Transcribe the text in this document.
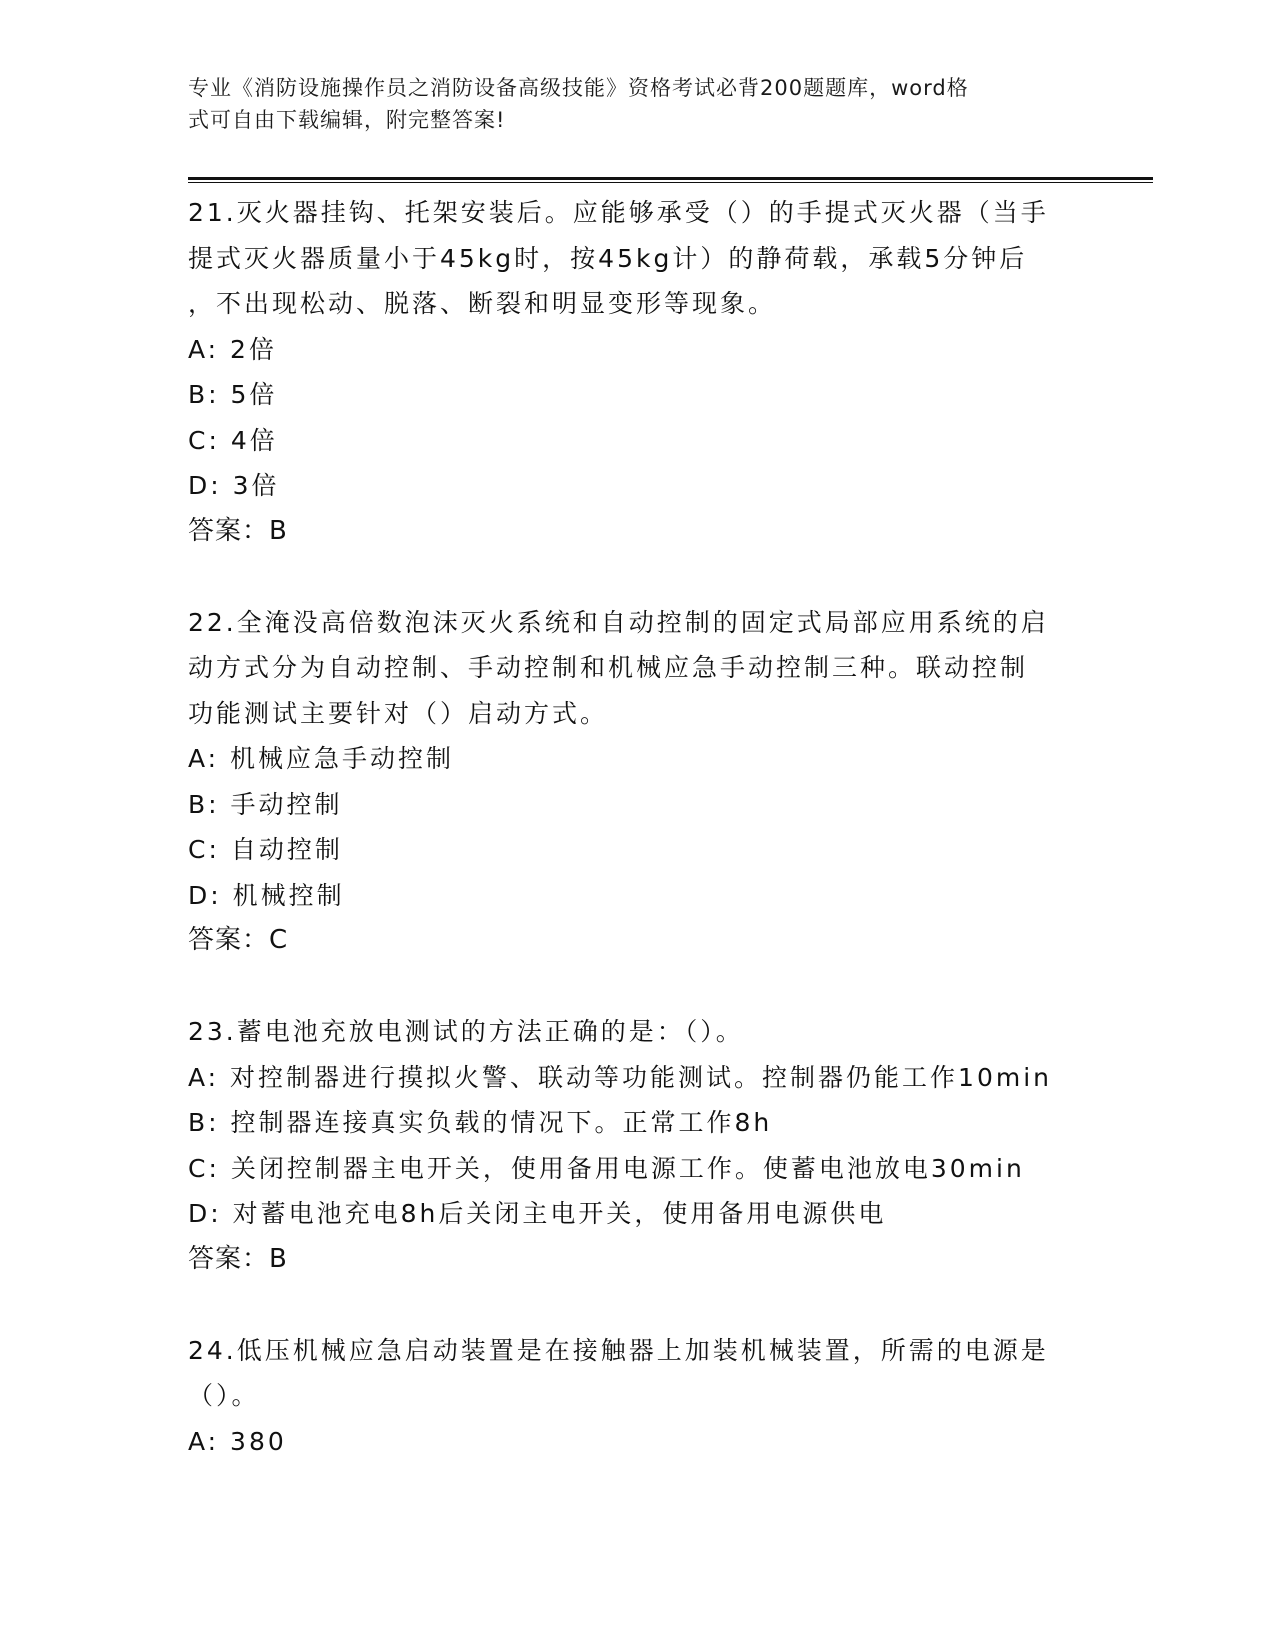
专业《消防设施操作员之消防设备高级技能》资格考试必背200题题库，word格
式可自由下载编辑，附完整答案!
21.灭火器挂钩、托架安装后。应能够承受（）的手提式灭火器（当手
提式灭火器质量小于45kg时，按45kg计）的静荷载，承载5分钟后
，不出现松动、脱落、断裂和明显变形等现象。
A: 2倍
B: 5倍
C: 4倍
D: 3倍
答案：B
22.全淹没高倍数泡沫灭火系统和自动控制的固定式局部应用系统的启
动方式分为自动控制、手动控制和机械应急手动控制三种。联动控制
功能测试主要针对（）启动方式。
A: 机械应急手动控制
B: 手动控制
C: 自动控制
D: 机械控制
答案：C
23.蓄电池充放电测试的方法正确的是：（）。
A: 对控制器进行摸拟火警、联动等功能测试。控制器仍能工作10min
B: 控制器连接真实负载的情况下。正常工作8h
C: 关闭控制器主电开关，使用备用电源工作。使蓄电池放电30min
D: 对蓄电池充电8h后关闭主电开关，使用备用电源供电
答案：B
24.低压机械应急启动装置是在接触器上加装机械装置，所需的电源是
（）。
A: 380
